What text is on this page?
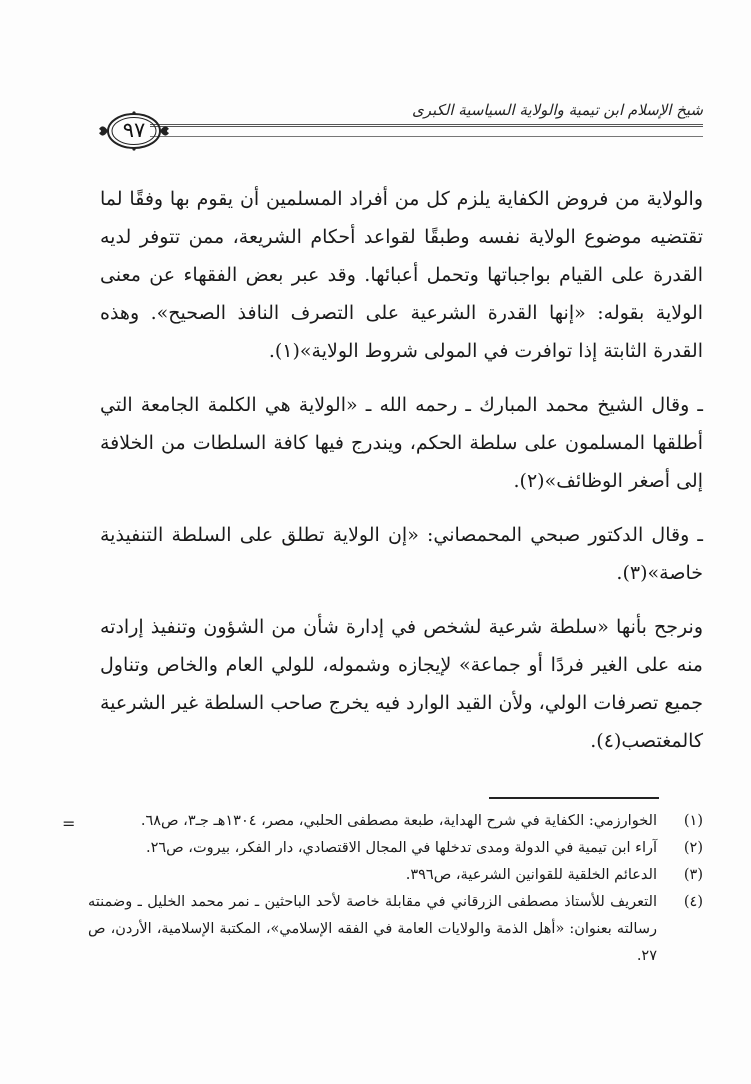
شيخ الإسلام ابن تيمية والولاية السياسية الكبرى
٩٧

والولاية من فروض الكفاية يلزم كل من أفراد المسلمين أن يقوم بها وفقًا لما تقتضيه موضوع الولاية نفسه وطبقًا لقواعد أحكام الشريعة، ممن تتوفر لديه القدرة على القيام بواجباتها وتحمل أعبائها. وقد عبر بعض الفقهاء عن معنى الولاية بقوله: «إنها القدرة الشرعية على التصرف النافذ الصحيح». وهذه القدرة الثابتة إذا توافرت في المولى شروط الولاية»(١).

ـ وقال الشيخ محمد المبارك ـ رحمه الله ـ «الولاية هي الكلمة الجامعة التي أطلقها المسلمون على سلطة الحكم، ويندرج فيها كافة السلطات من الخلافة إلى أصغر الوظائف»(٢).

ـ وقال الدكتور صبحي المحمصاني: «إن الولاية تطلق على السلطة التنفيذية خاصة»(٣).

ونرجح بأنها «سلطة شرعية لشخص في إدارة شأن من الشؤون وتنفيذ إرادته منه على الغير فردًا أو جماعة» لإيجازه وشموله، للولي العام والخاص وتناول جميع تصرفات الولي، ولأن القيد الوارد فيه يخرج صاحب السلطة غير الشرعية كالمغتصب(٤).

=	(١)
الخوارزمي: الكفاية في شرح الهداية، طبعة مصطفى الحلبي، مصر، ١٣٠٤هـ جـ٣، ص٦٨.
(٢)
آراء ابن تيمية في الدولة ومدى تدخلها في المجال الاقتصادي، دار الفكر، بيروت، ص٢٦.
(٣)
الدعائم الخلقية للقوانين الشرعية، ص٣٩٦.
(٤)
التعريف للأستاذ مصطفى الزرقاني في مقابلة خاصة لأحد الباحثين ـ نمر محمد الخليل ـ وضمنته رسالته بعنوان: «أهل الذمة والولايات العامة في الفقه الإسلامي»، المكتبة الإسلامية، الأردن، ص ٢٧.
